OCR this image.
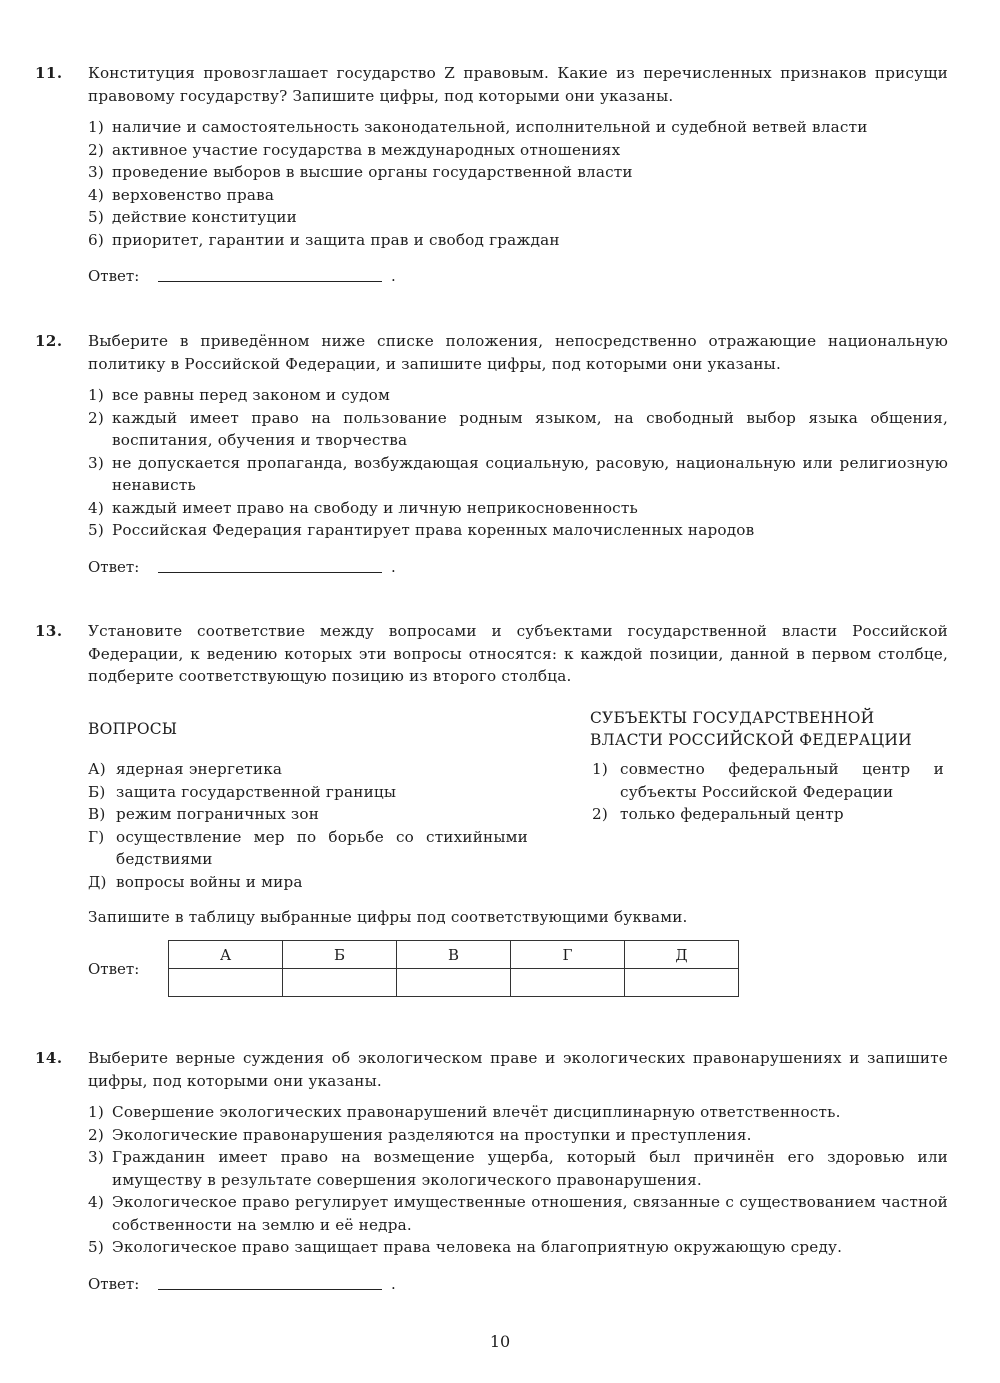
11. Конституция провозглашает государство Z правовым. Какие из перечисленных признаков присущи правовому государству? Запишите цифры, под которыми они указаны.

1) наличие и самостоятельность законодательной, исполнительной и судебной ветвей власти
2) активное участие государства в международных отношениях
3) проведение выборов в высшие органы государственной власти
4) верховенство права
5) действие конституции
6) приоритет, гарантии и защита прав и свобод граждан
Ответ:	.
12. Выберите в приведённом ниже списке положения, непосредственно отражающие национальную политику в Российской Федерации, и запишите цифры, под которыми они указаны.

1) все равны перед законом и судом
2) каждый имеет право на пользование родным языком, на свободный выбор языка общения, воспитания, обучения и творчества
3) не допускается пропаганда, возбуждающая социальную, расовую, национальную или религиозную ненависть
4) каждый имеет право на свободу и личную неприкосновенность
5) Российская Федерация гарантирует права коренных малочисленных народов
Ответ:	.
13. Установите соответствие между вопросами и субъектами государственной власти Российской Федерации, к ведению которых эти вопросы относятся: к каждой позиции, данной в первом столбце, подберите соответствующую позицию из второго столбца.

ВОПРОСЫ
СУБЪЕКТЫ ГОСУДАРСТВЕННОЙ
ВЛАСТИ РОССИЙСКОЙ ФЕДЕРАЦИИ
А) ядерная энергетика
Б) защита государственной границы
В) режим пограничных зон
Г) осуществление мер по борьбе со стихийными бедствиями
Д) вопросы войны и мира
1) совместно федеральный центр и субъекты Российской Федерации
2) только федеральный центр
Запишите в таблицу выбранные цифры под соответствующими буквами.
Ответ:
А	Б	В	Г	Д

14. Выберите верные суждения об экологическом праве и экологических правонарушениях и запишите цифры, под которыми они указаны.

1) Совершение экологических правонарушений влечёт дисциплинарную ответственность.
2) Экологические правонарушения разделяются на проступки и преступления.
3) Гражданин имеет право на возмещение ущерба, который был причинён его здоровью или имуществу в результате совершения экологического правонарушения.
4) Экологическое право регулирует имущественные отношения, связанные с существованием частной собственности на землю и её недра.
5) Экологическое право защищает права человека на благоприятную окружающую среду.
Ответ:	.
10
